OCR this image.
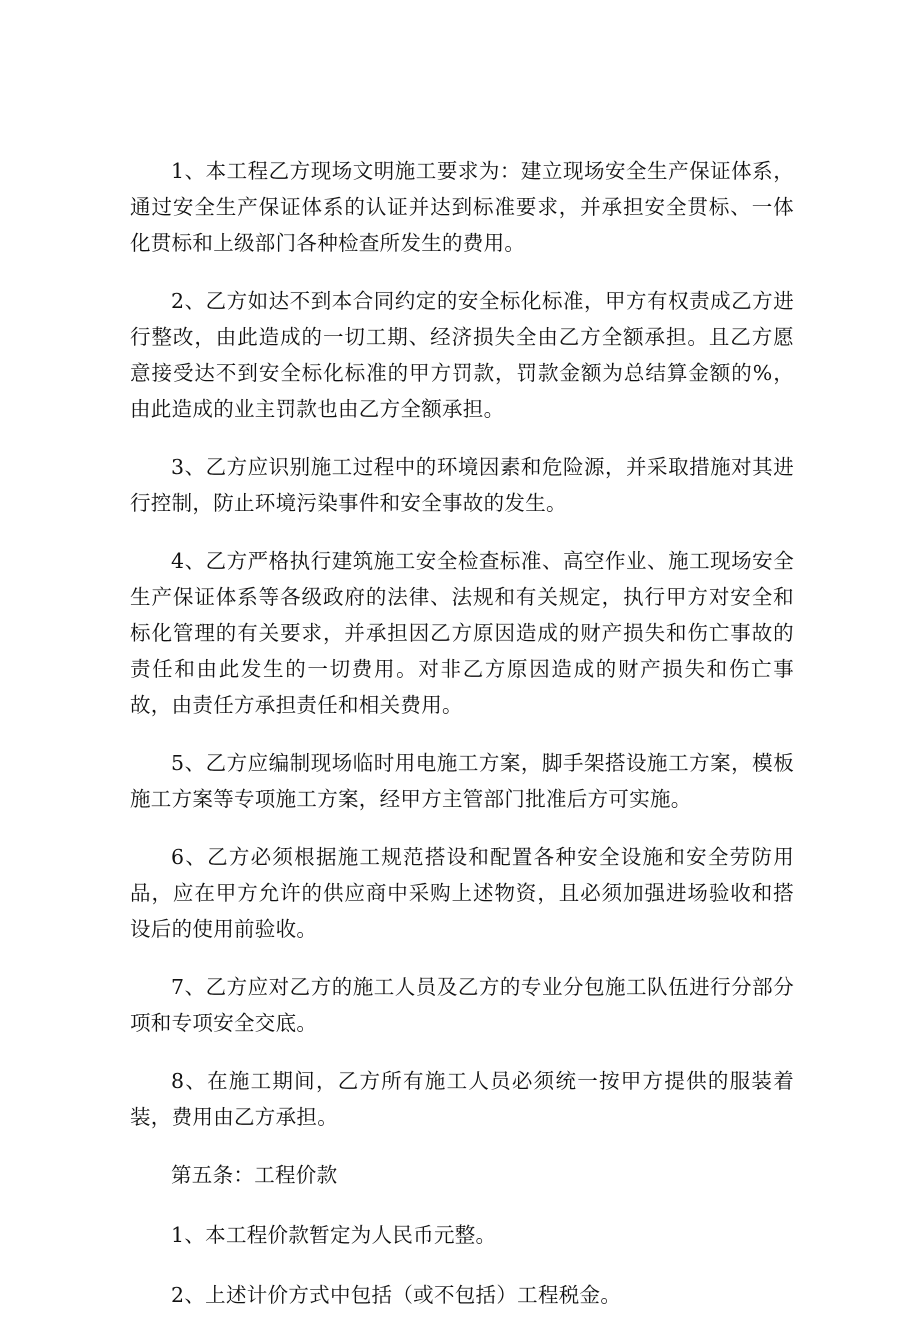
1、本工程乙方现场文明施工要求为：建立现场安全生产保证体系，通过安全生产保证体系的认证并达到标准要求，并承担安全贯标、一体化贯标和上级部门各种检查所发生的费用。

2、乙方如达不到本合同约定的安全标化标准，甲方有权责成乙方进行整改，由此造成的一切工期、经济损失全由乙方全额承担。且乙方愿意接受达不到安全标化标准的甲方罚款，罚款金额为总结算金额的%，由此造成的业主罚款也由乙方全额承担。

3、乙方应识别施工过程中的环境因素和危险源，并采取措施对其进行控制，防止环境污染事件和安全事故的发生。

4、乙方严格执行建筑施工安全检查标准、高空作业、施工现场安全生产保证体系等各级政府的法律、法规和有关规定，执行甲方对安全和标化管理的有关要求，并承担因乙方原因造成的财产损失和伤亡事故的责任和由此发生的一切费用。对非乙方原因造成的财产损失和伤亡事故，由责任方承担责任和相关费用。

5、乙方应编制现场临时用电施工方案，脚手架搭设施工方案，模板施工方案等专项施工方案，经甲方主管部门批准后方可实施。

6、乙方必须根据施工规范搭设和配置各种安全设施和安全劳防用品，应在甲方允许的供应商中采购上述物资，且必须加强进场验收和搭设后的使用前验收。

7、乙方应对乙方的施工人员及乙方的专业分包施工队伍进行分部分项和专项安全交底。

8、在施工期间，乙方所有施工人员必须统一按甲方提供的服装着装，费用由乙方承担。

第五条：工程价款

1、本工程价款暂定为人民币元整。

2、上述计价方式中包括（或不包括）工程税金。
